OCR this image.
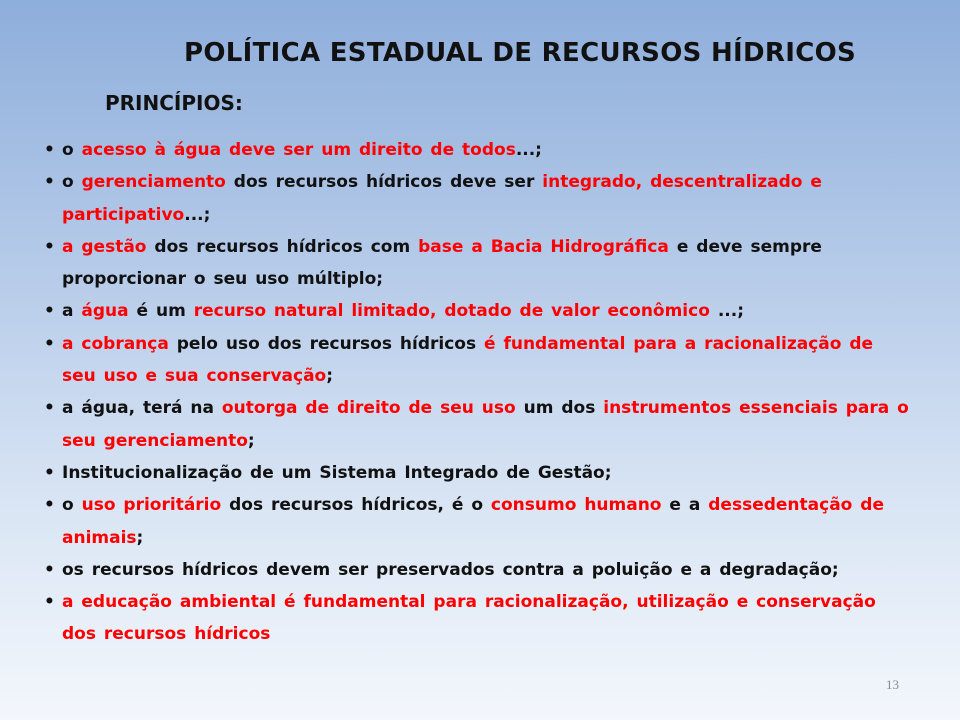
POLÍTICA ESTADUAL DE RECURSOS HÍDRICOS
PRINCÍPIOS:
• o acesso à água deve ser um direito de todos...;
• o gerenciamento dos recursos hídricos deve ser integrado, descentralizado e participativo...;
• a gestão dos recursos hídricos com base a Bacia Hidrográfica e deve sempre proporcionar o seu uso múltiplo;
• a água é um recurso natural limitado, dotado de valor econômico ...;
• a cobrança pelo uso dos recursos hídricos é fundamental para a racionalização de seu uso e sua conservação;
• a água, terá na outorga de direito de seu uso um dos instrumentos essenciais para o seu gerenciamento;
• Institucionalização de um Sistema Integrado de Gestão;
• o uso prioritário dos recursos hídricos, é o consumo humano e a dessedentação de animais;
• os recursos hídricos devem ser preservados contra a poluição e a degradação;
• a educação ambiental é fundamental para racionalização, utilização e conservação dos recursos hídricos
13
